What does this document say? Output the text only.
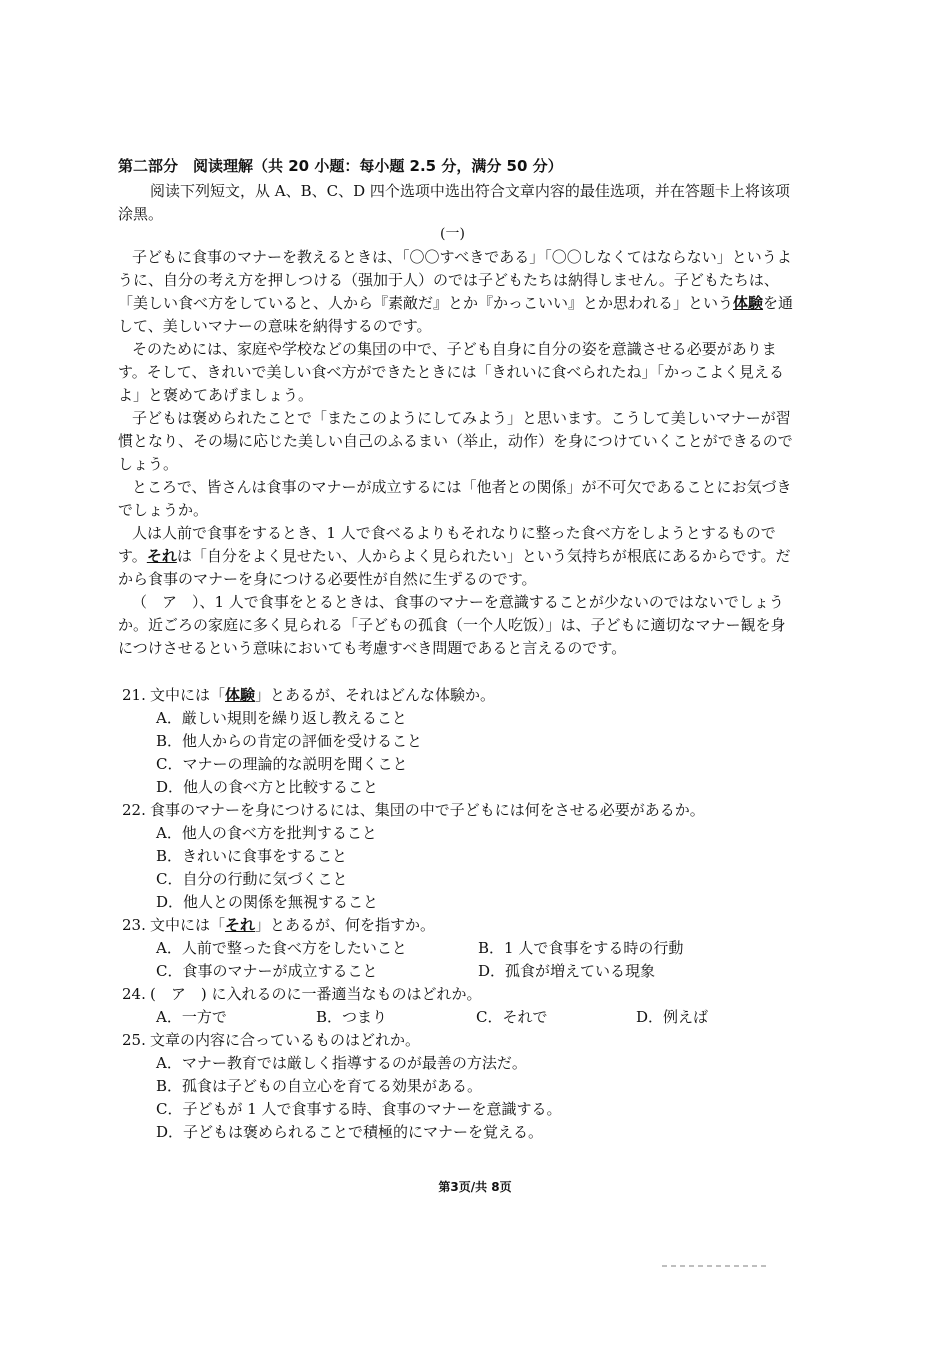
第二部分　阅读理解（共 20 小题：每小题 2.5 分，满分 50 分）
阅读下列短文，从 A、B、C、D 四个选项中选出符合文章内容的最佳选项，并在答题卡上将该项涂黑。
(一)

子どもに食事のマナーを教えるときは、「〇〇すべきである」「〇〇しなくてはならない」というように、自分の考え方を押しつける（强加于人）のでは子どもたちは納得しません。子どもたちは、「美しい食べ方をしていると、人から『素敵だ』とか『かっこいい』とか思われる」という体験を通して、美しいマナーの意味を納得するのです。

そのためには、家庭や学校などの集団の中で、子ども自身に自分の姿を意識させる必要があります。そして、きれいで美しい食べ方ができたときには「きれいに食べられたね」「かっこよく見えるよ」と褒めてあげましょう。

子どもは褒められたことで「またこのようにしてみよう」と思います。こうして美しいマナーが習慣となり、その場に応じた美しい自己のふるまい（举止，动作）を身につけていくことができるのでしょう。

ところで、皆さんは食事のマナーが成立するには「他者との関係」が不可欠であることにお気づきでしょうか。

人は人前で食事をするとき、1 人で食べるよりもそれなりに整った食べ方をしようとするものです。それは「自分をよく見せたい、人からよく見られたい」という気持ちが根底にあるからです。だから食事のマナーを身につける必要性が自然に生ずるのです。

（　ア　）、1 人で食事をとるときは、食事のマナーを意識することが少ないのではないでしょうか。近ごろの家庭に多く見られる「子どもの孤食（一个人吃饭）」は、子どもに適切なマナー観を身につけさせるという意味においても考慮すべき問題であると言えるのです。

21. 文中には「体験」とあるが、それはどんな体験か。

A．厳しい規則を繰り返し教えること

B．他人からの肯定の評価を受けること

C．マナーの理論的な説明を聞くこと

D．他人の食べ方と比較すること

22. 食事のマナーを身につけるには、集団の中で子どもには何をさせる必要があるか。

A．他人の食べ方を批判すること

B．きれいに食事をすること

C．自分の行動に気づくこと

D．他人との関係を無視すること

23. 文中には「それ」とあるが、何を指すか。

A．人前で整った食べ方をしたいこと	B．1 人で食事をする時の行動
C．食事のマナーが成立すること	D．孤食が増えている現象

24. (　ア　) に入れるのに一番適当なものはどれか。

A．一方で	B．つまり	C．それで	D．例えば

25. 文章の内容に合っているものはどれか。

A．マナー教育では厳しく指導するのが最善の方法だ。

B．孤食は子どもの自立心を育てる効果がある。

C．子どもが 1 人で食事する時、食事のマナーを意識する。

D．子どもは褒められることで積極的にマナーを覚える。

第3页/共 8页
